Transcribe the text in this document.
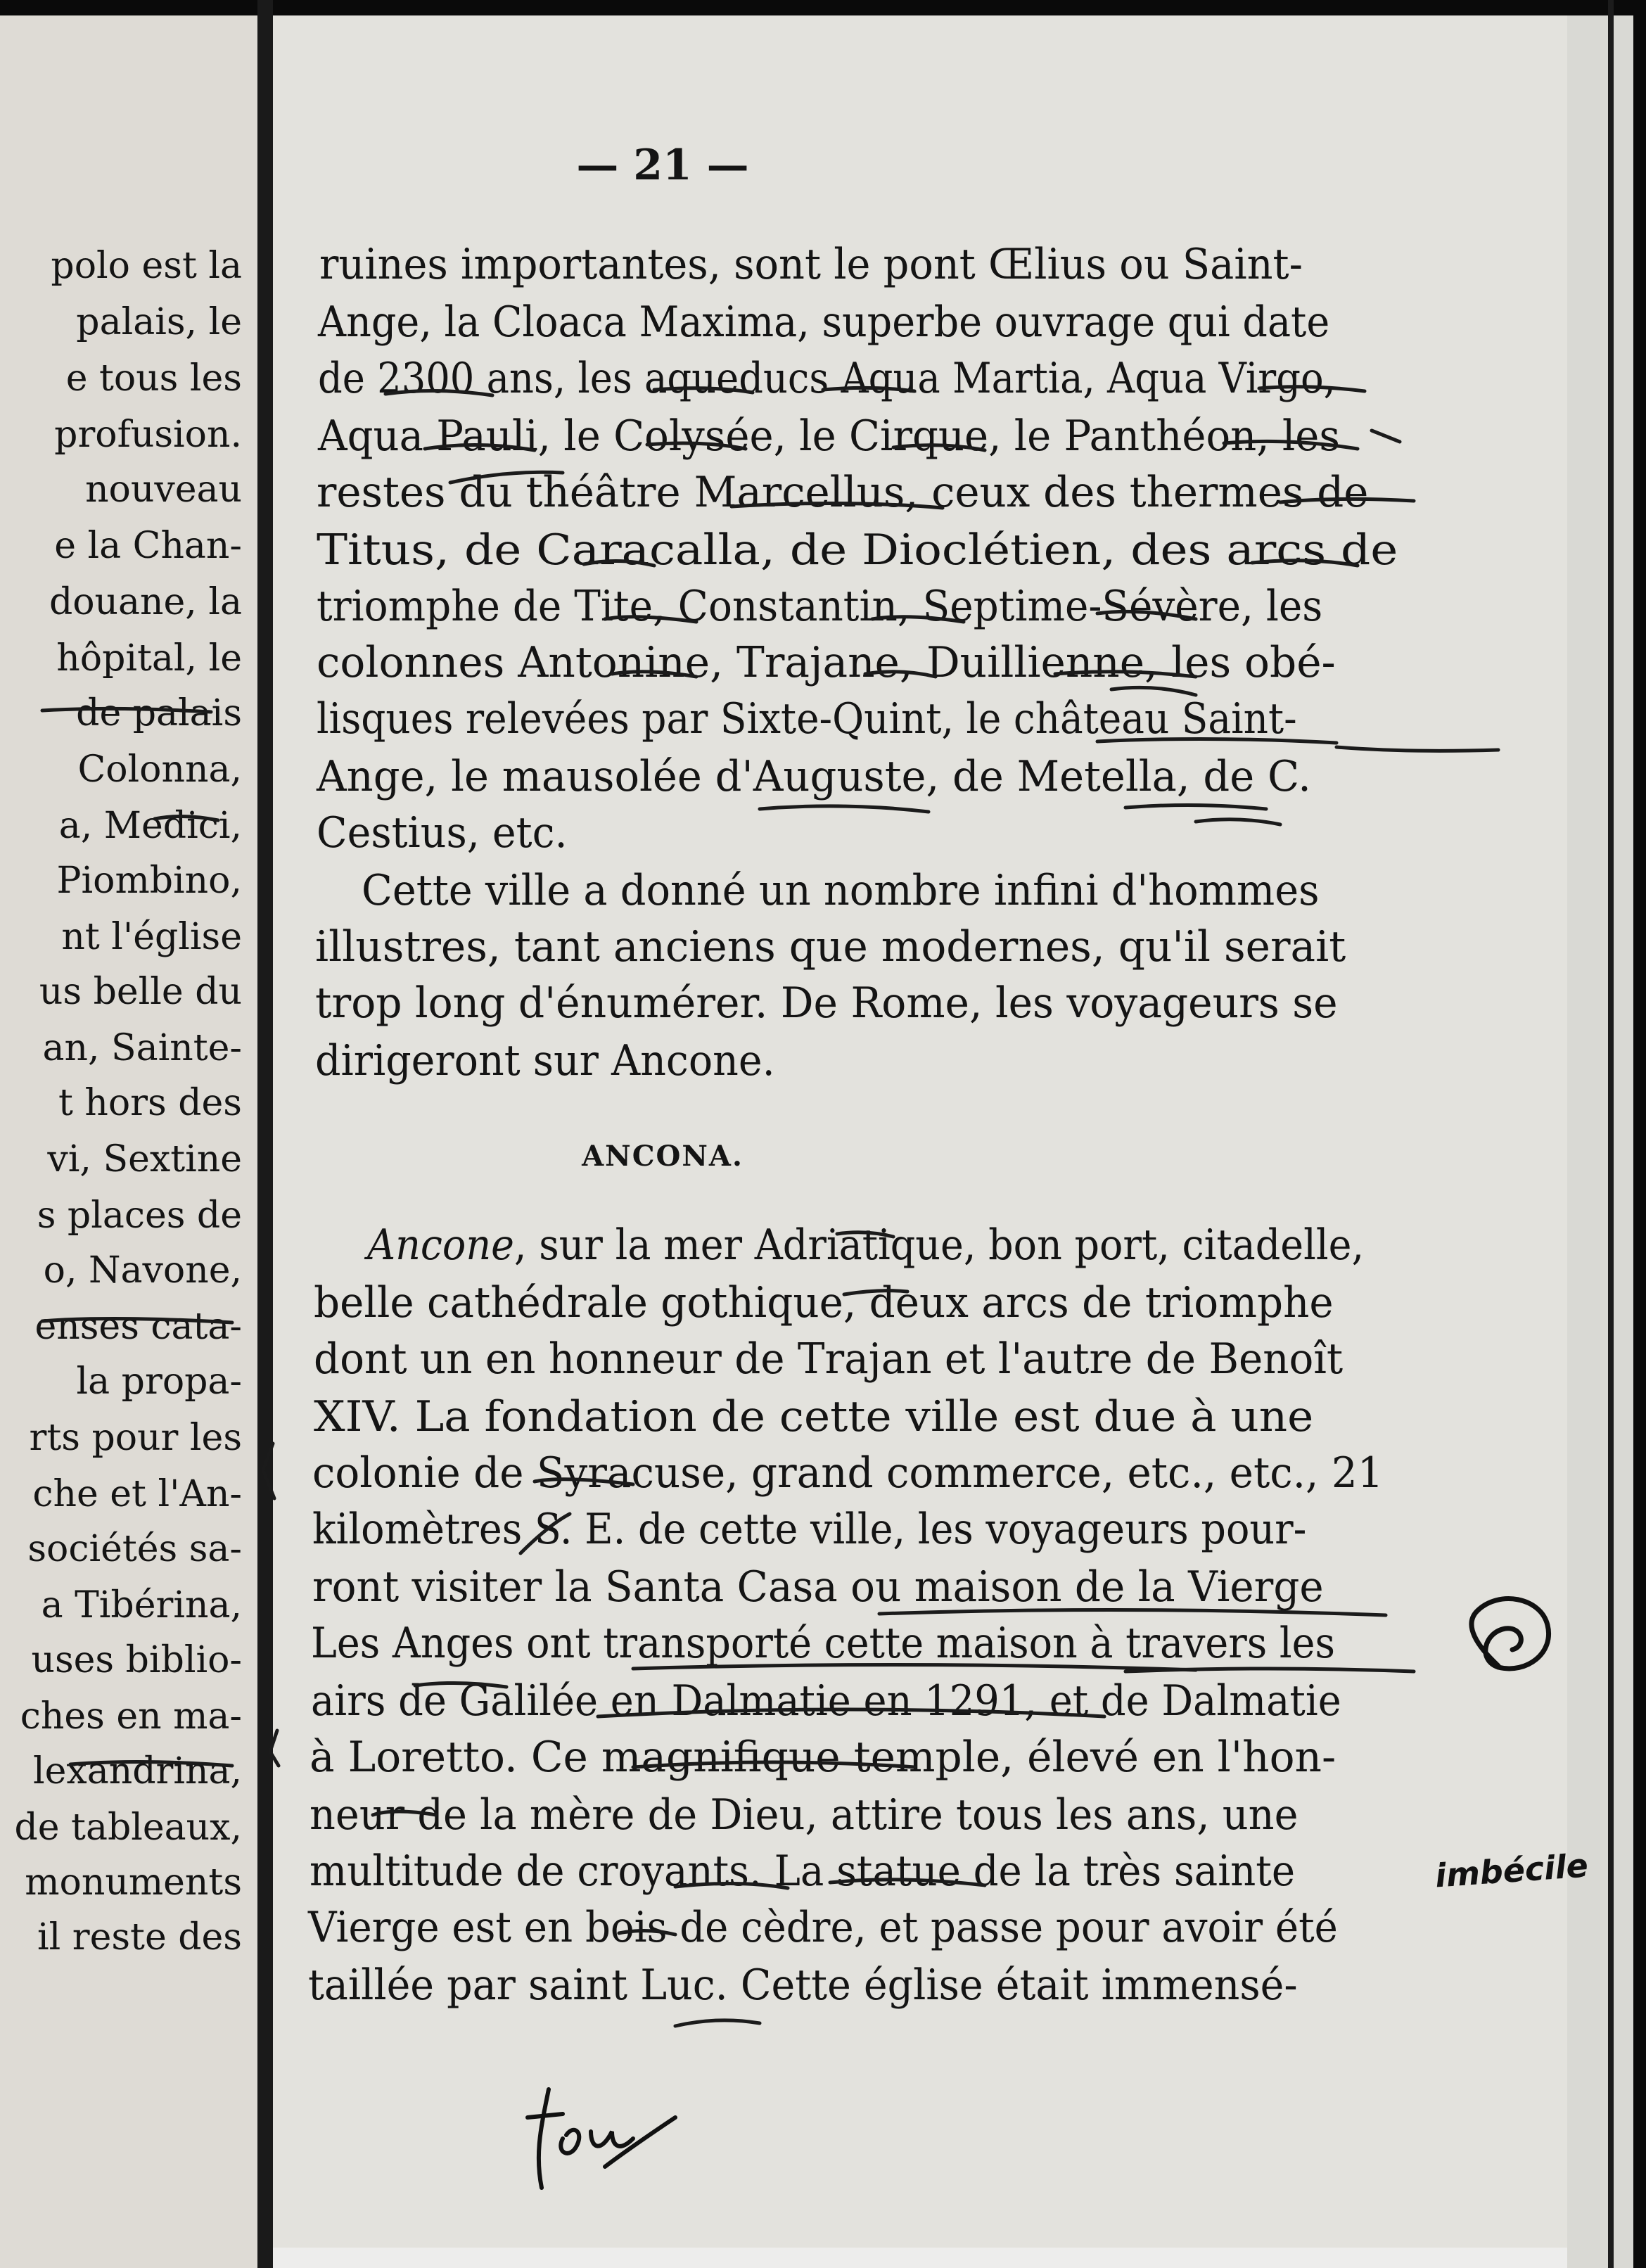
polo est la
palais, le
e tous les
profusion.
nouveau
e la Chan-
douane, la
hôpital, le
de palais
Colonna,
a, Medici,
Piombino,
nt l'église
us belle du
an, Sainte-
t hors des
vi, Sextine
s places de
o, Navone,
enses cata-
la propa-
rts pour les
che et l'An-
sociétés sa-
a Tibérina,
uses biblio-
ches en ma-
lexandrina,
de tableaux,
monuments
il reste des
— 21 —
ruines importantes, sont le pont Œlius ou Saint-
Ange, la Cloaca Maxima, superbe ouvrage qui date
de 2300 ans, les aqueducs Aqua Martia, Aqua Virgo,
Aqua Pauli, le Colysée, le Cirque, le Panthéon, les
restes du théâtre Marcellus, ceux des thermes de
Titus, de Caracalla, de Dioclétien, des arcs de
triomphe de Tite, Constantin, Septime-Sévère, les
colonnes Antonine, Trajane, Duillienne, les obé-
lisques relevées par Sixte-Quint, le château Saint-
Ange, le mausolée d'Auguste, de Metella, de C.
Cestius, etc.
Cette ville a donné un nombre infini d'hommes
illustres, tant anciens que modernes, qu'il serait
trop long d'énumérer. De Rome, les voyageurs se
dirigeront sur Ancone.
ANCONA.
Ancone, sur la mer Adriatique, bon port, citadelle,
belle cathédrale gothique, deux arcs de triomphe
dont un en honneur de Trajan et l'autre de Benoît
XIV. La fondation de cette ville est due à une
colonie de Syracuse, grand commerce, etc., etc., 21
kilomètres S. E. de cette ville, les voyageurs pour-
ront visiter la Santa Casa ou maison de la Vierge
Les Anges ont transporté cette maison à travers les
airs de Galilée en Dalmatie en 1291, et de Dalmatie
à Loretto. Ce magnifique temple, élevé en l'hon-
neur de la mère de Dieu, attire tous les ans, une
multitude de croyants. La statue de la très sainte
Vierge est en bois de cèdre, et passe pour avoir été
taillée par saint Luc. Cette église était immensé-
imbécile
